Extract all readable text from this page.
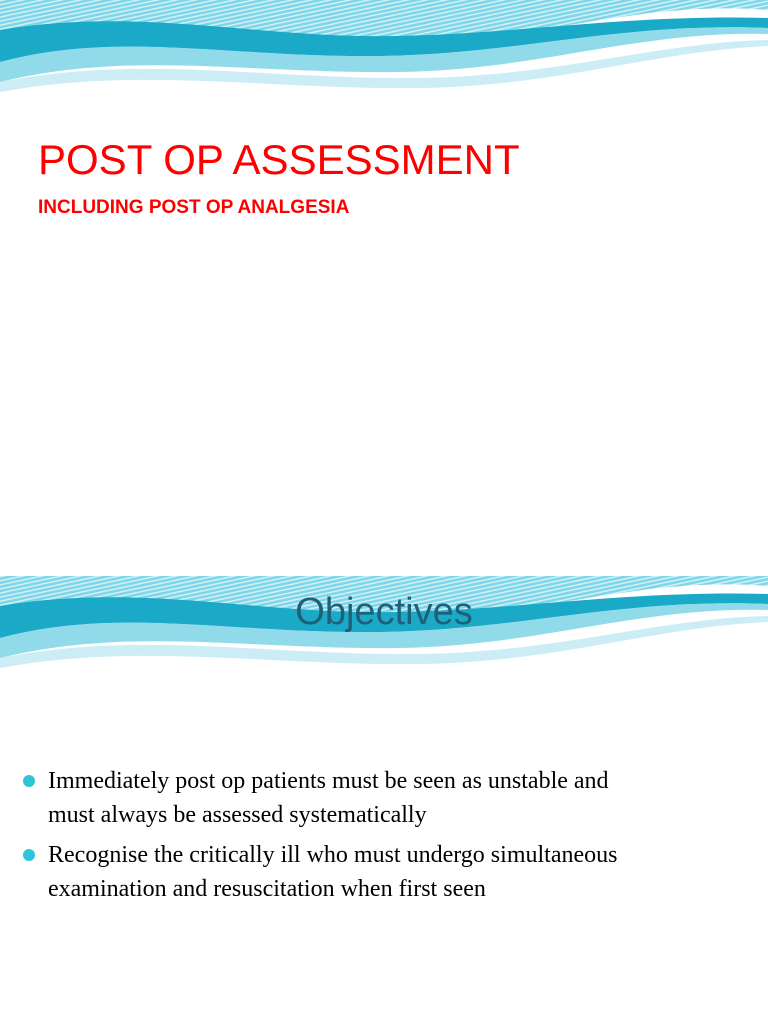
POST OP ASSESSMENT
INCLUDING POST OP ANALGESIA
Objectives
Immediately post op patients must be seen as unstable and
must always be assessed systematically
Recognise the critically ill who must undergo simultaneous
examination and resuscitation when first seen
